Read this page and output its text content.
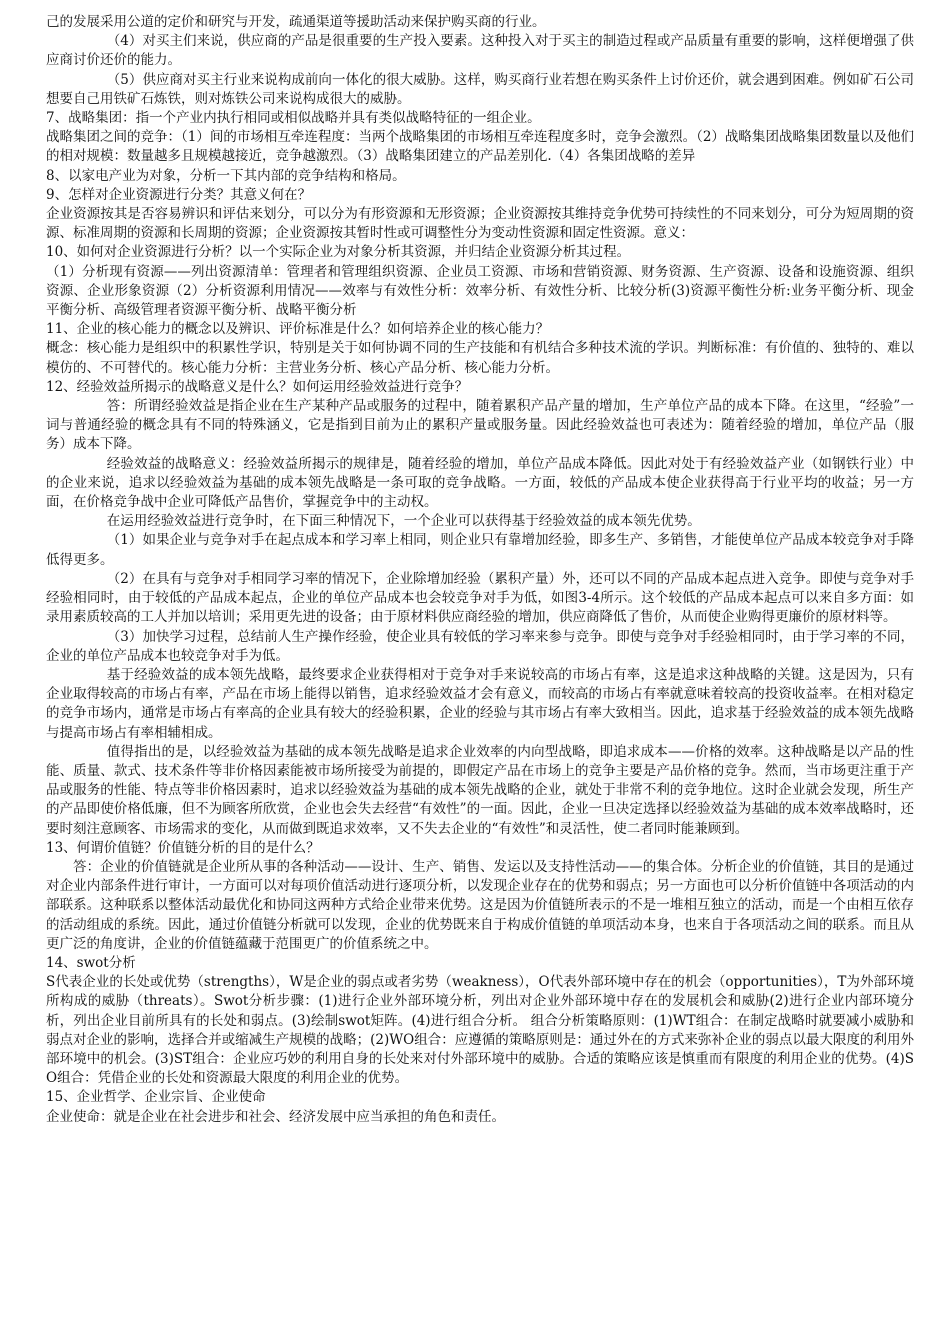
己的发展采用公道的定价和研究与开发，疏通渠道等援助活动来保护购买商的行业。

（4）对买主们来说，供应商的产品是很重要的生产投入要素。这种投入对于买主的制造过程或产品质量有重要的影响，这样便增强了供应商讨价还价的能力。

（5）供应商对买主行业来说构成前向一体化的很大威胁。这样，购买商行业若想在购买条件上讨价还价，就会遇到困难。例如矿石公司想要自己用铁矿石炼铁，则对炼铁公司来说构成很大的威胁。

7、战略集团：指一个产业内执行相同或相似战略并具有类似战略特征的一组企业。

战略集团之间的竞争：（1）间的市场相互牵连程度：当两个战略集团的市场相互牵连程度多时，竞争会激烈。（2）战略集团战略集团数量以及他们的相对规模：数量越多且规模越接近，竞争越激烈。（3）战略集团建立的产品差别化.（4）各集团战略的差异

8、以家电产业为对象，分析一下其内部的竞争结构和格局。

9、怎样对企业资源进行分类？其意义何在？

企业资源按其是否容易辨识和评估来划分，可以分为有形资源和无形资源；企业资源按其维持竞争优势可持续性的不同来划分，可分为短周期的资源、标准周期的资源和长周期的资源；企业资源按其暂时性或可调整性分为变动性资源和固定性资源。意义：

10、如何对企业资源进行分析？以一个实际企业为对象分析其资源，并归结企业资源分析其过程。

（1）分析现有资源——列出资源清单：管理者和管理组织资源、企业员工资源、市场和营销资源、财务资源、生产资源、设备和设施资源、组织资源、企业形象资源（2）分析资源利用情况——效率与有效性分析：效率分析、有效性分析、比较分析(3)资源平衡性分析:业务平衡分析、现金平衡分析、高级管理者资源平衡分析、战略平衡分析

11、企业的核心能力的概念以及辨识、评价标准是什么？如何培养企业的核心能力？

概念：核心能力是组织中的积累性学识，特别是关于如何协调不同的生产技能和有机结合多种技术流的学识。判断标准：有价值的、独特的、难以模仿的、不可替代的。核心能力分析：主营业务分析、核心产品分析、核心能力分析。

12、经验效益所揭示的战略意义是什么？如何运用经验效益进行竞争？

答：所谓经验效益是指企业在生产某种产品或服务的过程中，随着累积产品产量的增加，生产单位产品的成本下降。在这里，“经验”一词与普通经验的概念具有不同的特殊涵义，它是指到目前为止的累积产量或服务量。因此经验效益也可表述为：随着经验的增加，单位产品（服务）成本下降。

经验效益的战略意义：经验效益所揭示的规律是，随着经验的增加，单位产品成本降低。因此对处于有经验效益产业（如钢铁行业）中的企业来说，追求以经验效益为基础的成本领先战略是一条可取的竞争战略。一方面，较低的产品成本使企业获得高于行业平均的收益；另一方面，在价格竞争战中企业可降低产品售价，掌握竞争中的主动权。

在运用经验效益进行竞争时，在下面三种情况下，一个企业可以获得基于经验效益的成本领先优势。

（1）如果企业与竞争对手在起点成本和学习率上相同，则企业只有靠增加经验，即多生产、多销售，才能使单位产品成本较竞争对手降低得更多。

（2）在具有与竞争对手相同学习率的情况下，企业除增加经验（累积产量）外，还可以不同的产品成本起点进入竞争。即使与竞争对手经验相同时，由于较低的产品成本起点，企业的单位产品成本也会较竞争对手为低，如图3-4所示。这个较低的产品成本起点可以来自多方面：如录用素质较高的工人并加以培训；采用更先进的设备；由于原材料供应商经验的增加，供应商降低了售价，从而使企业购得更廉价的原材料等。

（3）加快学习过程，总结前人生产操作经验，使企业具有较低的学习率来参与竞争。即使与竞争对手经验相同时，由于学习率的不同，企业的单位产品成本也较竞争对手为低。

基于经验效益的成本领先战略，最终要求企业获得相对于竞争对手来说较高的市场占有率，这是追求这种战略的关键。这是因为，只有企业取得较高的市场占有率，产品在市场上能得以销售，追求经验效益才会有意义，而较高的市场占有率就意味着较高的投资收益率。在相对稳定的竞争市场内，通常是市场占有率高的企业具有较大的经验积累，企业的经验与其市场占有率大致相当。因此，追求基于经验效益的成本领先战略与提高市场占有率相辅相成。

值得指出的是，以经验效益为基础的成本领先战略是追求企业效率的内向型战略，即追求成本——价格的效率。这种战略是以产品的性能、质量、款式、技术条件等非价格因素能被市场所接受为前提的，即假定产品在市场上的竞争主要是产品价格的竞争。然而，当市场更注重于产品或服务的性能、特点等非价格因素时，追求以经验效益为基础的成本领先战略的企业，就处于非常不利的竞争地位。这时企业就会发现，所生产的产品即使价格低廉，但不为顾客所欣赏，企业也会失去经营“有效性”的一面。因此，企业一旦决定选择以经验效益为基础的成本效率战略时，还要时刻注意顾客、市场需求的变化，从而做到既追求效率，又不失去企业的“有效性”和灵活性，使二者同时能兼顾到。

13、何谓价值链？价值链分析的目的是什么？

答：企业的价值链就是企业所从事的各种活动——设计、生产、销售、发运以及支持性活动——的集合体。分析企业的价值链，其目的是通过对企业内部条件进行审计，一方面可以对每项价值活动进行逐项分析，以发现企业存在的优势和弱点；另一方面也可以分析价值链中各项活动的内部联系。这种联系以整体活动最优化和协同这两种方式给企业带来优势。这是因为价值链所表示的不是一堆相互独立的活动，而是一个由相互依存的活动组成的系统。因此，通过价值链分析就可以发现，企业的优势既来自于构成价值链的单项活动本身，也来自于各项活动之间的联系。而且从更广泛的角度讲，企业的价值链蕴藏于范围更广的价值系统之中。

14、swot分析

S代表企业的长处或优势（strengths），W是企业的弱点或者劣势（weakness），O代表外部环境中存在的机会（opportunities），T为外部环境所构成的威胁（threats）。Swot分析步骤：(1)进行企业外部环境分析，列出对企业外部环境中存在的发展机会和威胁(2)进行企业内部环境分析，列出企业目前所具有的长处和弱点。(3)绘制swot矩阵。(4)进行组合分析。 组合分析策略原则：(1)WT组合：在制定战略时就要减小威胁和弱点对企业的影响，选择合并或缩减生产规模的战略；(2)WO组合：应遵循的策略原则是：通过外在的方式来弥补企业的弱点以最大限度的利用外部环境中的机会。(3)ST组合：企业应巧妙的利用自身的长处来对付外部环境中的威胁。合适的策略应该是慎重而有限度的利用企业的优势。(4)SO组合：凭借企业的长处和资源最大限度的利用企业的优势。

15、企业哲学、企业宗旨、企业使命

企业使命：就是企业在社会进步和社会、经济发展中应当承担的角色和责任。
